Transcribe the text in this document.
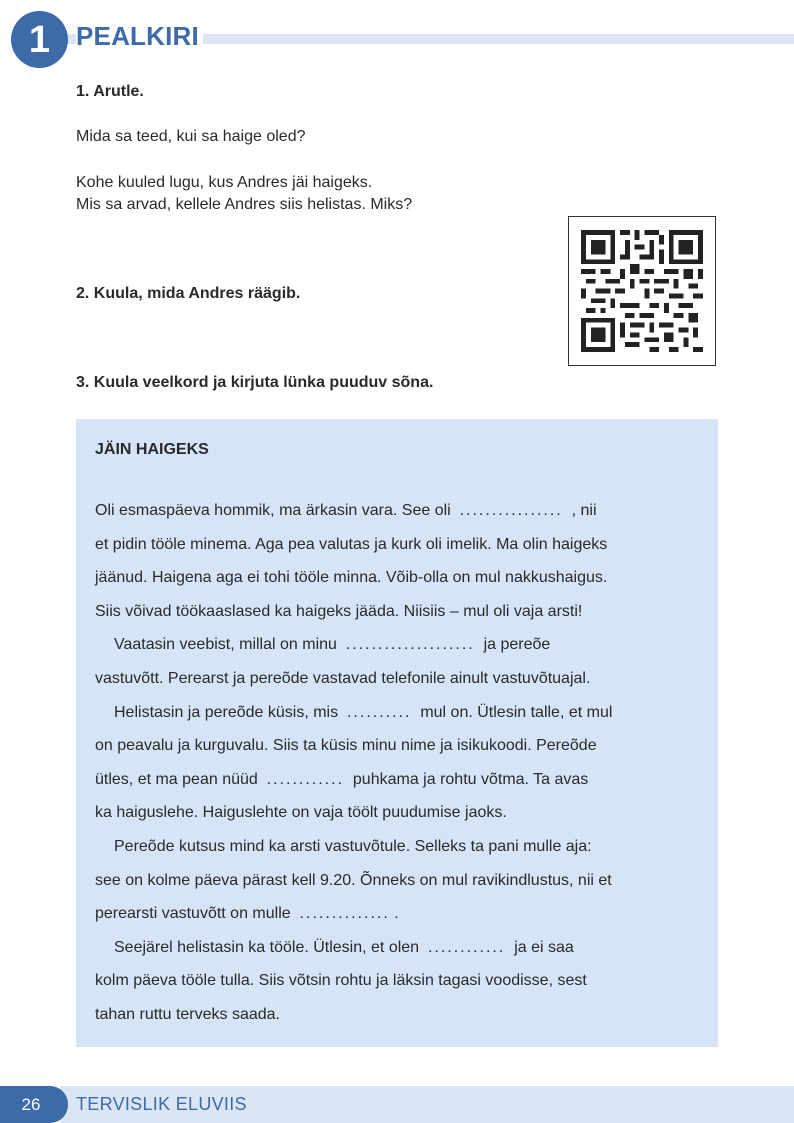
1 PEALKIRI
1. Arutle.
Mida sa teed, kui sa haige oled?
Kohe kuuled lugu, kus Andres jäi haigeks.
Mis sa arvad, kellele Andres siis helistas. Miks?
2. Kuula, mida Andres räägib.
3. Kuula veelkord ja kirjuta lünka puuduv sõna.
JÄIN HAIGEKS
Oli esmaspäeva hommik, ma ärkasin vara. See oli ................ , nii
et pidin tööle minema. Aga pea valutas ja kurk oli imelik. Ma olin haigeks
jäänud. Haigena aga ei tohi tööle minna. Võib-olla on mul nakkushaigus.
Siis võivad töökaaslased ka haigeks jääda. Niisiis – mul oli vaja arsti!
Vaatasin veebist, millal on minu .................... ja pereõe
vastuvõtt. Perearst ja pereõde vastavad telefonile ainult vastuvõtuajal.
Helistasin ja pereõde küsis, mis .......... mul on. Ütlesin talle, et mul
on peavalu ja kurguvalu. Siis ta küsis minu nime ja isikukoodi. Pereõde
ütles, et ma pean nüüd ............ puhkama ja rohtu võtma. Ta avas
ka haiguslehe. Haiguslehte on vaja töölt puudumise jaoks.
Pereõde kutsus mind ka arsti vastuvõtule. Selleks ta pani mulle aja:
see on kolme päeva pärast kell 9.20. Õnneks on mul ravikindlustus, nii et
perearsti vastuvõtt on mulle .............. .
Seejärel helistasin ka tööle. Ütlesin, et olen ............ ja ei saa
kolm päeva tööle tulla. Siis võtsin rohtu ja läksin tagasi voodisse, sest
tahan ruttu terveks saada.
26	TERVISLIK ELUVIIS
